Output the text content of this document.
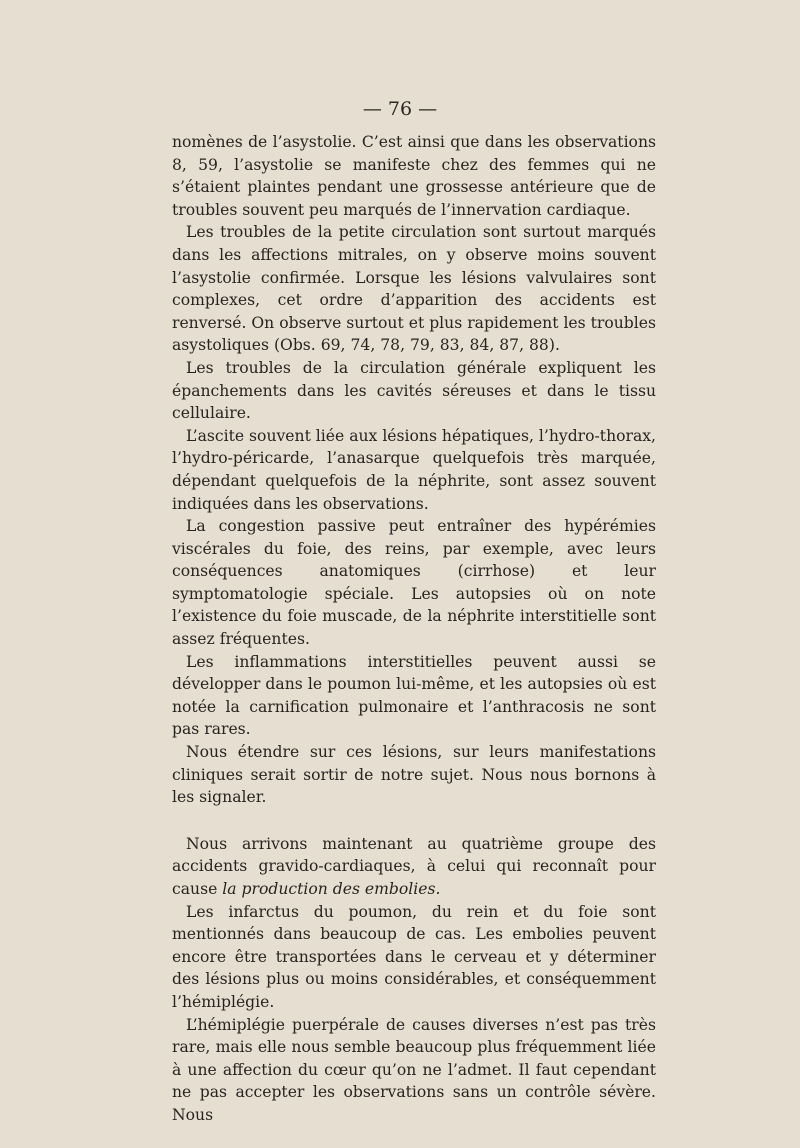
— 76 —

nomènes de l’asystolie. C’est ainsi que dans les observations 8, 59, l’asystolie se manifeste chez des femmes qui ne s’étaient plaintes pendant une grossesse antérieure que de troubles souvent peu marqués de l’innervation cardiaque.

Les troubles de la petite circulation sont surtout marqués dans les affections mitrales, on y observe moins souvent l’asystolie confirmée. Lorsque les lésions valvulaires sont complexes, cet ordre d’apparition des accidents est renversé. On observe surtout et plus rapidement les troubles asystoliques (Obs. 69, 74, 78, 79, 83, 84, 87, 88).

Les troubles de la circulation générale expliquent les épanchements dans les cavités séreuses et dans le tissu cellulaire.

L’ascite souvent liée aux lésions hépatiques, l’hydro-thorax, l’hydro-péricarde, l’anasarque quelquefois très marquée, dépendant quelquefois de la néphrite, sont assez souvent indiquées dans les observations.

La congestion passive peut entraîner des hypérémies viscérales du foie, des reins, par exemple, avec leurs conséquences anatomiques (cirrhose) et leur symptomatologie spéciale. Les autopsies où on note l’existence du foie muscade, de la néphrite interstitielle sont assez fréquentes.

Les inflammations interstitielles peuvent aussi se développer dans le poumon lui-même, et les autopsies où est notée la carnification pulmonaire et l’anthracosis ne sont pas rares.

Nous étendre sur ces lésions, sur leurs manifestations cliniques serait sortir de notre sujet. Nous nous bornons à les signaler.

Nous arrivons maintenant au quatrième groupe des accidents gravido-cardiaques, à celui qui reconnaît pour cause la production des embolies.

Les infarctus du poumon, du rein et du foie sont mentionnés dans beaucoup de cas. Les embolies peuvent encore être transportées dans le cerveau et y déterminer des lésions plus ou moins considérables, et conséquemment l’hémiplégie.

L’hémiplégie puerpérale de causes diverses n’est pas très rare, mais elle nous semble beaucoup plus fréquemment liée à une affection du cœur qu’on ne l’admet. Il faut cependant ne pas accepter les observations sans un contrôle sévère. Nous
